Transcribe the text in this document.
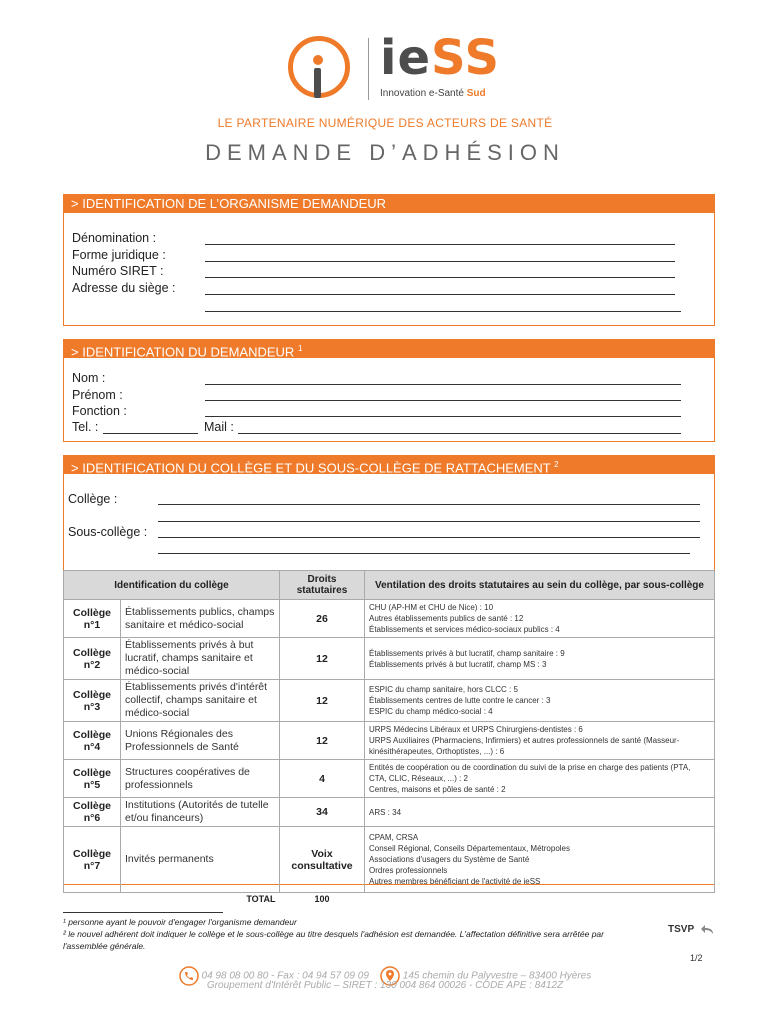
ieSS
Innovation e-Santé Sud
LE PARTENAIRE NUMÉRIQUE DES ACTEURS DE SANTÉ
DEMANDE D’ADHÉSION
> IDENTIFICATION DE L’ORGANISME DEMANDEUR
Dénomination :
Forme juridique :
Numéro SIRET :
Adresse du siège :
> IDENTIFICATION DU DEMANDEUR $^1$
Nom :
Prénom :
Fonction :
Tel. :	Mail :
> IDENTIFICATION DU COLLÈGE ET DU SOUS-COLLÈGE DE RATTACHEMENT $^2$
Collège :
Sous-collège :
Identification du collège		Droits statutaires	Ventilation des droits statutaires au sein du collège, par sous-collège
Collège n°1	Établissements publics, champs sanitaire et médico-social	26	CHU (AP-HM et CHU de Nice) : 10
Autres établissements publics de santé : 12
Établissements et services médico-sociaux publics : 4

Collège n°2	Établissements privés à but lucratif, champs sanitaire et médico-social	12	Établissements privés à but lucratif, champ sanitaire : 9
Établissements privés à but lucratif, champ MS : 3

Collège n°3	Établissements privés d'intérêt collectif, champs sanitaire et médico-social	12	ESPIC du champ sanitaire, hors CLCC : 5
Établissements centres de lutte contre le cancer : 3
ESPIC du champ médico-social : 4

Collège n°4	Unions Régionales des Professionnels de Santé	12	URPS Médecins Libéraux et URPS Chirurgiens-dentistes : 6
URPS Auxiliaires (Pharmaciens, Infirmiers) et autres professionnels de santé (Masseur-kinésithérapeutes, Orthoptistes, ...) : 6

Collège n°5	Structures coopératives de professionnels	4	Entités de coopération ou de coordination du suivi de la prise en charge des patients (PTA, CTA, CLIC, Réseaux, ...) : 2
Centres, maisons et pôles de santé : 2

Collège n°6	Institutions (Autorités de tutelle et/ou financeurs)	34	ARS : 34

Collège n°7	Invités permanents	Voix consultative	CPAM, CRSA
Conseil Régional, Conseils Départementaux, Métropoles
Associations d'usagers du Système de Santé
Ordres professionnels
Autres membres bénéficiant de l'activité de ieSS

TOTAL		100	
¹ personne ayant le pouvoir d'engager l'organisme demandeur
² le nouvel adhérent doit indiquer le collège et le sous-collège au titre desquels l'adhésion est demandée. L'affectation définitive sera arrêtée par l'assemblée générale.
TSVP
1/2
04 98 08 00 80 - Fax : 04 94 57 09 09	145 chemin du Palyvestre – 83400 Hyères
Groupement d'Intérêt Public – SIRET : 130 004 864 00026 - CODE APE : 8412Z
